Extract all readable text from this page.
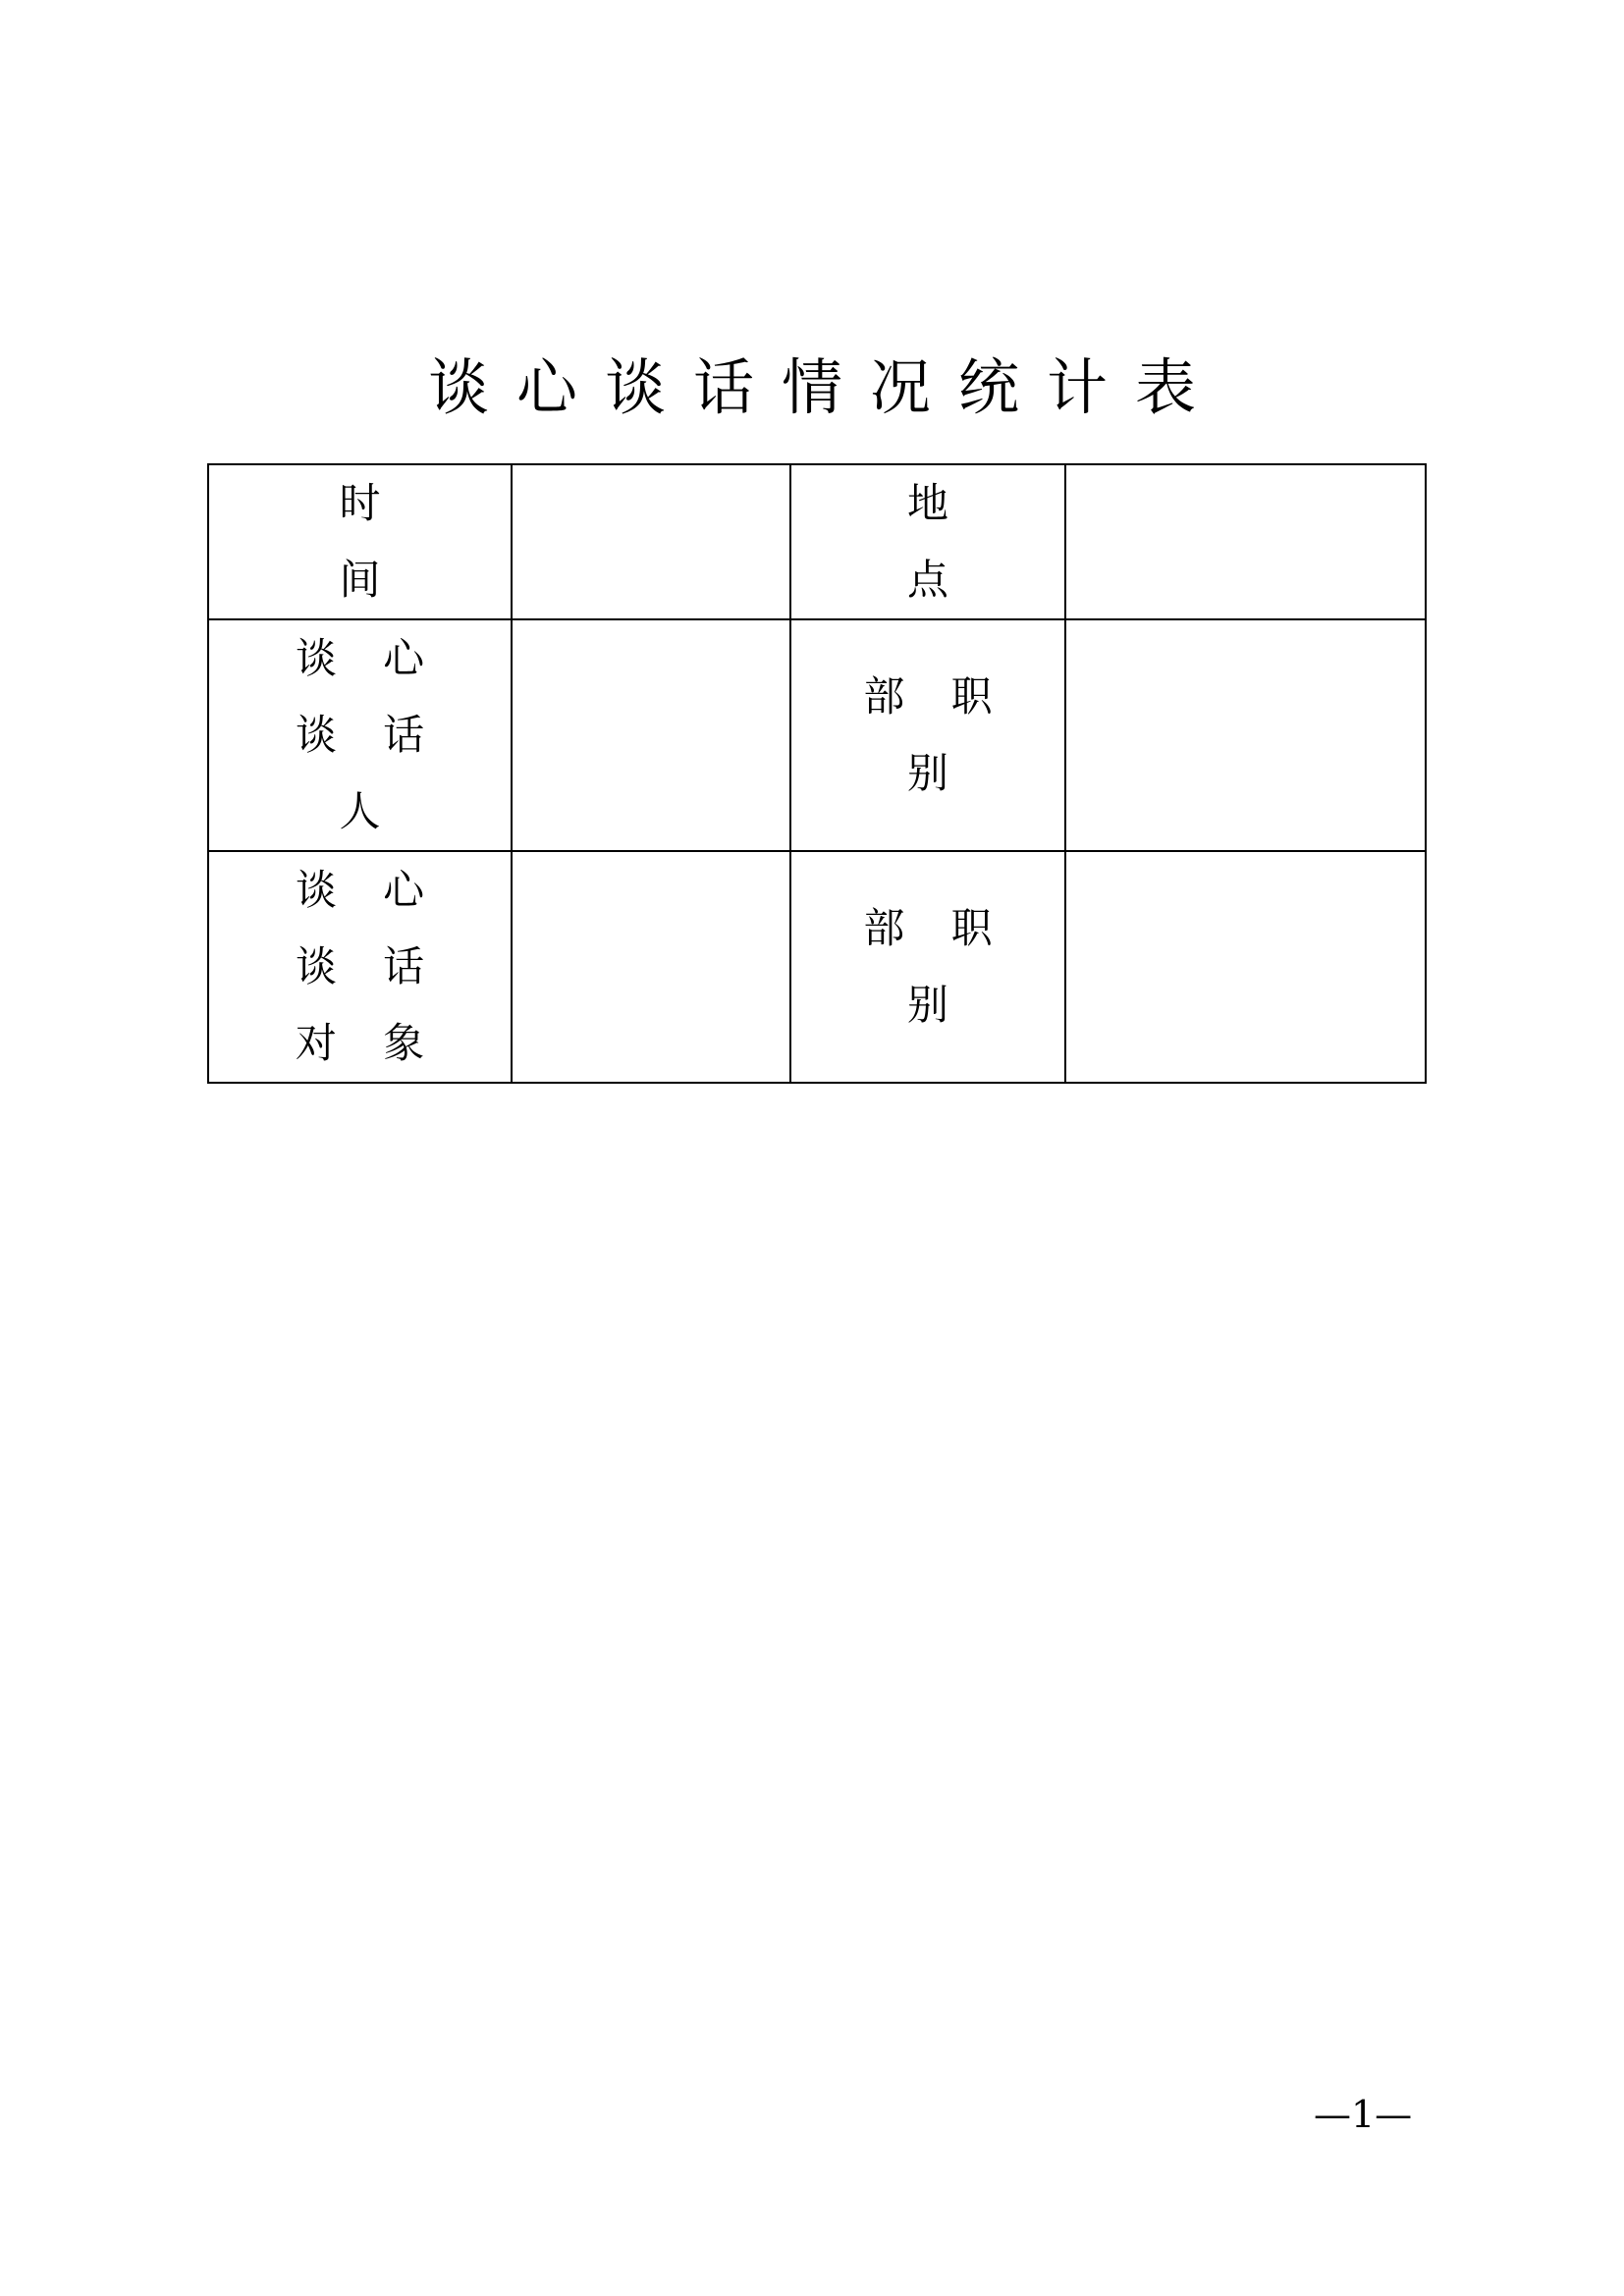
谈心谈话情况统计表
时
间		地
点	

谈 心
谈 话
人		部 职
别	

谈 心
谈 话
对 象		部 职
别	

—1—
